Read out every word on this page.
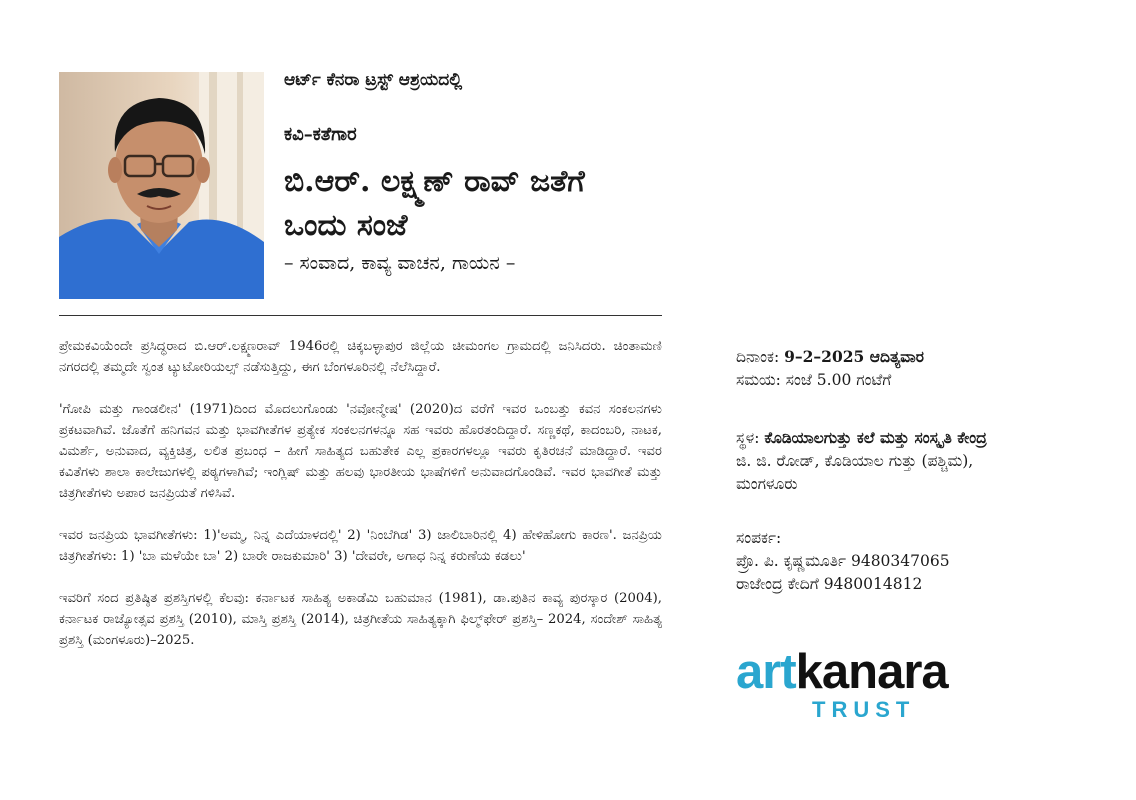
ಆರ್ಟ್ ಕೆನರಾ ಟ್ರಸ್ಟ್ ಆಶ್ರಯದಲ್ಲಿ
ಕವಿ–ಕತೆಗಾರ
ಬಿ.ಆರ್. ಲಕ್ಷ್ಮಣ್ ರಾವ್ ಜತೆಗೆ
ಒಂದು ಸಂಜೆ
– ಸಂವಾದ, ಕಾವ್ಯ ವಾಚನ, ಗಾಯನ –

ಪ್ರೇಮಕವಿಯೆಂದೇ ಪ್ರಸಿದ್ಧರಾದ ಬಿ.ಆರ್.ಲಕ್ಷ್ಮಣರಾವ್ 1946ರಲ್ಲಿ ಚಿಕ್ಕಬಳ್ಳಾಪುರ ಜಿಲ್ಲೆಯ ಚೀಮಂಗಲ ಗ್ರಾಮದಲ್ಲಿ ಜನಿಸಿದರು. ಚಿಂತಾಮಣಿ ನಗರದಲ್ಲಿ ತಮ್ಮದೇ ಸ್ವಂತ ಟ್ಯುಟೋರಿಯಲ್ಸ್ ನಡೆಸುತ್ತಿದ್ದು, ಈಗ ಬೆಂಗಳೂರಿನಲ್ಲಿ ನೆಲೆಸಿದ್ದಾರೆ.

'ಗೋಪಿ ಮತ್ತು ಗಾಂಡಲೀನ' (1971)ದಿಂದ ಮೊದಲುಗೊಂಡು 'ನವೋನ್ಮೇಷ' (2020)ದ ವರೆಗೆ ಇವರ ಒಂಬತ್ತು ಕವನ ಸಂಕಲನಗಳು ಪ್ರಕಟವಾಗಿವೆ. ಜೊತೆಗೆ ಹನಿಗವನ ಮತ್ತು ಭಾವಗೀತೆಗಳ ಪ್ರತ್ಯೇಕ ಸಂಕಲನಗಳನ್ನೂ ಸಹ ಇವರು ಹೊರತಂದಿದ್ದಾರೆ. ಸಣ್ಣಕಥೆ, ಕಾದಂಬರಿ, ನಾಟಕ, ವಿಮರ್ಶೆ, ಅನುವಾದ, ವ್ಯಕ್ತಿಚಿತ್ರ, ಲಲಿತ ಪ್ರಬಂಧ – ಹೀಗೆ ಸಾಹಿತ್ಯದ ಬಹುತೇಕ ಎಲ್ಲ ಪ್ರಕಾರಗಳಲ್ಲೂ ಇವರು ಕೃತಿರಚನೆ ಮಾಡಿದ್ದಾರೆ. ಇವರ ಕವಿತೆಗಳು ಶಾಲಾ ಕಾಲೇಜುಗಳಲ್ಲಿ ಪಠ್ಯಗಳಾಗಿವೆ; ಇಂಗ್ಲಿಷ್ ಮತ್ತು ಹಲವು ಭಾರತೀಯ ಭಾಷೆಗಳಿಗೆ ಅನುವಾದಗೊಂಡಿವೆ. ಇವರ ಭಾವಗೀತೆ ಮತ್ತು ಚಿತ್ರಗೀತೆಗಳು ಅಪಾರ ಜನಪ್ರಿಯತೆ ಗಳಿಸಿವೆ.

ಇವರ ಜನಪ್ರಿಯ ಭಾವಗೀತೆಗಳು: 1)'ಅಮ್ಮ, ನಿನ್ನ ಎದೆಯಾಳದಲ್ಲಿ' 2) 'ನಿಂಬೆಗಿಡ' 3) ಜಾಲಿಬಾರಿನಲ್ಲಿ 4) ಹೇಳಿಹೋಗು ಕಾರಣ'. ಜನಪ್ರಿಯ ಚಿತ್ರಗೀತೆಗಳು: 1) 'ಬಾ ಮಳೆಯೇ ಬಾ' 2) ಬಾರೇ ರಾಜಕುಮಾರಿ' 3) 'ದೇವರೇ, ಅಗಾಧ ನಿನ್ನ ಕರುಣೆಯ ಕಡಲು'

ಇವರಿಗೆ ಸಂದ ಪ್ರತಿಷ್ಠಿತ ಪ್ರಶಸ್ತಿಗಳಲ್ಲಿ ಕೆಲವು: ಕರ್ನಾಟಕ ಸಾಹಿತ್ಯ ಅಕಾಡೆಮಿ ಬಹುಮಾನ (1981), ಡಾ.ಪುತಿನ ಕಾವ್ಯ ಪುರಸ್ಕಾರ (2004), ಕರ್ನಾಟಕ ರಾಜ್ಯೋತ್ಸವ ಪ್ರಶಸ್ತಿ (2010), ಮಾಸ್ತಿ ಪ್ರಶಸ್ತಿ (2014), ಚಿತ್ರಗೀತೆಯ ಸಾಹಿತ್ಯಕ್ಕಾಗಿ ಫಿಲ್ಮ್‌ಫೇರ್ ಪ್ರಶಸ್ತಿ– 2024, ಸಂದೇಶ್ ಸಾಹಿತ್ಯ ಪ್ರಶಸ್ತಿ (ಮಂಗಳೂರು)–2025.

ದಿನಾಂಕ: 9–2–2025 ಆದಿತ್ಯವಾರ
ಸಮಯ: ಸಂಜೆ 5.00 ಗಂಟೆಗೆ
ಸ್ಥಳ: ಕೊಡಿಯಾಲಗುತ್ತು ಕಲೆ ಮತ್ತು ಸಂಸ್ಕೃತಿ ಕೇಂದ್ರ
ಜಿ. ಜಿ. ರೋಡ್, ಕೊಡಿಯಾಲ ಗುತ್ತು (ಪಶ್ಚಿಮ),
ಮಂಗಳೂರು
ಸಂಪರ್ಕ:
ಪ್ರೊ. ಪಿ. ಕೃಷ್ಣಮೂರ್ತಿ 9480347065
ರಾಜೇಂದ್ರ ಕೇದಿಗೆ 9480014812
artkanara
TRUST
